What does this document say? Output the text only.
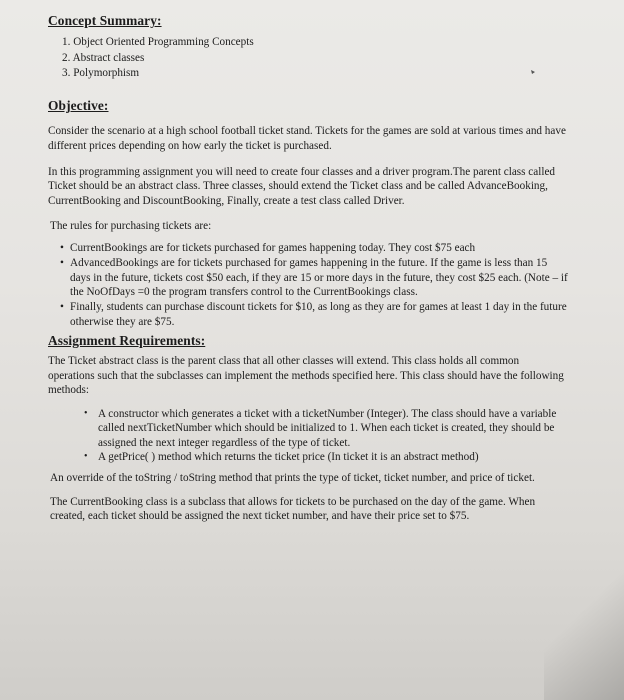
Concept Summary:
1. Object Oriented Programming Concepts
2. Abstract classes
3. Polymorphism
Objective:

Consider the scenario at a high school football ticket stand. Tickets for the games are sold at various times and have different prices depending on how early the ticket is purchased.

In this programming assignment you will need to create four classes and a driver program.The parent class called Ticket should be an abstract class. Three classes, should extend the Ticket class and be called AdvanceBooking, CurrentBooking and DiscountBooking, Finally, create a test class called Driver.

The rules for purchasing tickets are:

• CurrentBookings are for tickets purchased for games happening today. They cost $75 each
• AdvancedBookings are for tickets purchased for games happening in the future. If the game is less than 15 days in the future, tickets cost $50 each, if they are 15 or more days in the future, they cost $25 each. (Note – if the NoOfDays =0 the program transfers control to the CurrentBookings class.
• Finally, students can purchase discount tickets for $10, as long as they are for games at least 1 day in the future otherwise they are $75.
Assignment Requirements:

The Ticket abstract class is the parent class that all other classes will extend. This class holds all common operations such that the subclasses can implement the methods specified here. This class should have the following methods:

• A constructor which generates a ticket with a ticketNumber (Integer). The class should have a variable called nextTicketNumber which should be initialized to 1. When each ticket is created, they should be assigned the next integer regardless of the type of ticket.
• A getPrice( ) method which returns the ticket price (In ticket it is an abstract method)

An override of the toString / toString method that prints the type of ticket, ticket number, and price of ticket.

The CurrentBooking class is a subclass that allows for tickets to be purchased on the day of the game. When created, each ticket should be assigned the next ticket number, and have their price set to $75.
